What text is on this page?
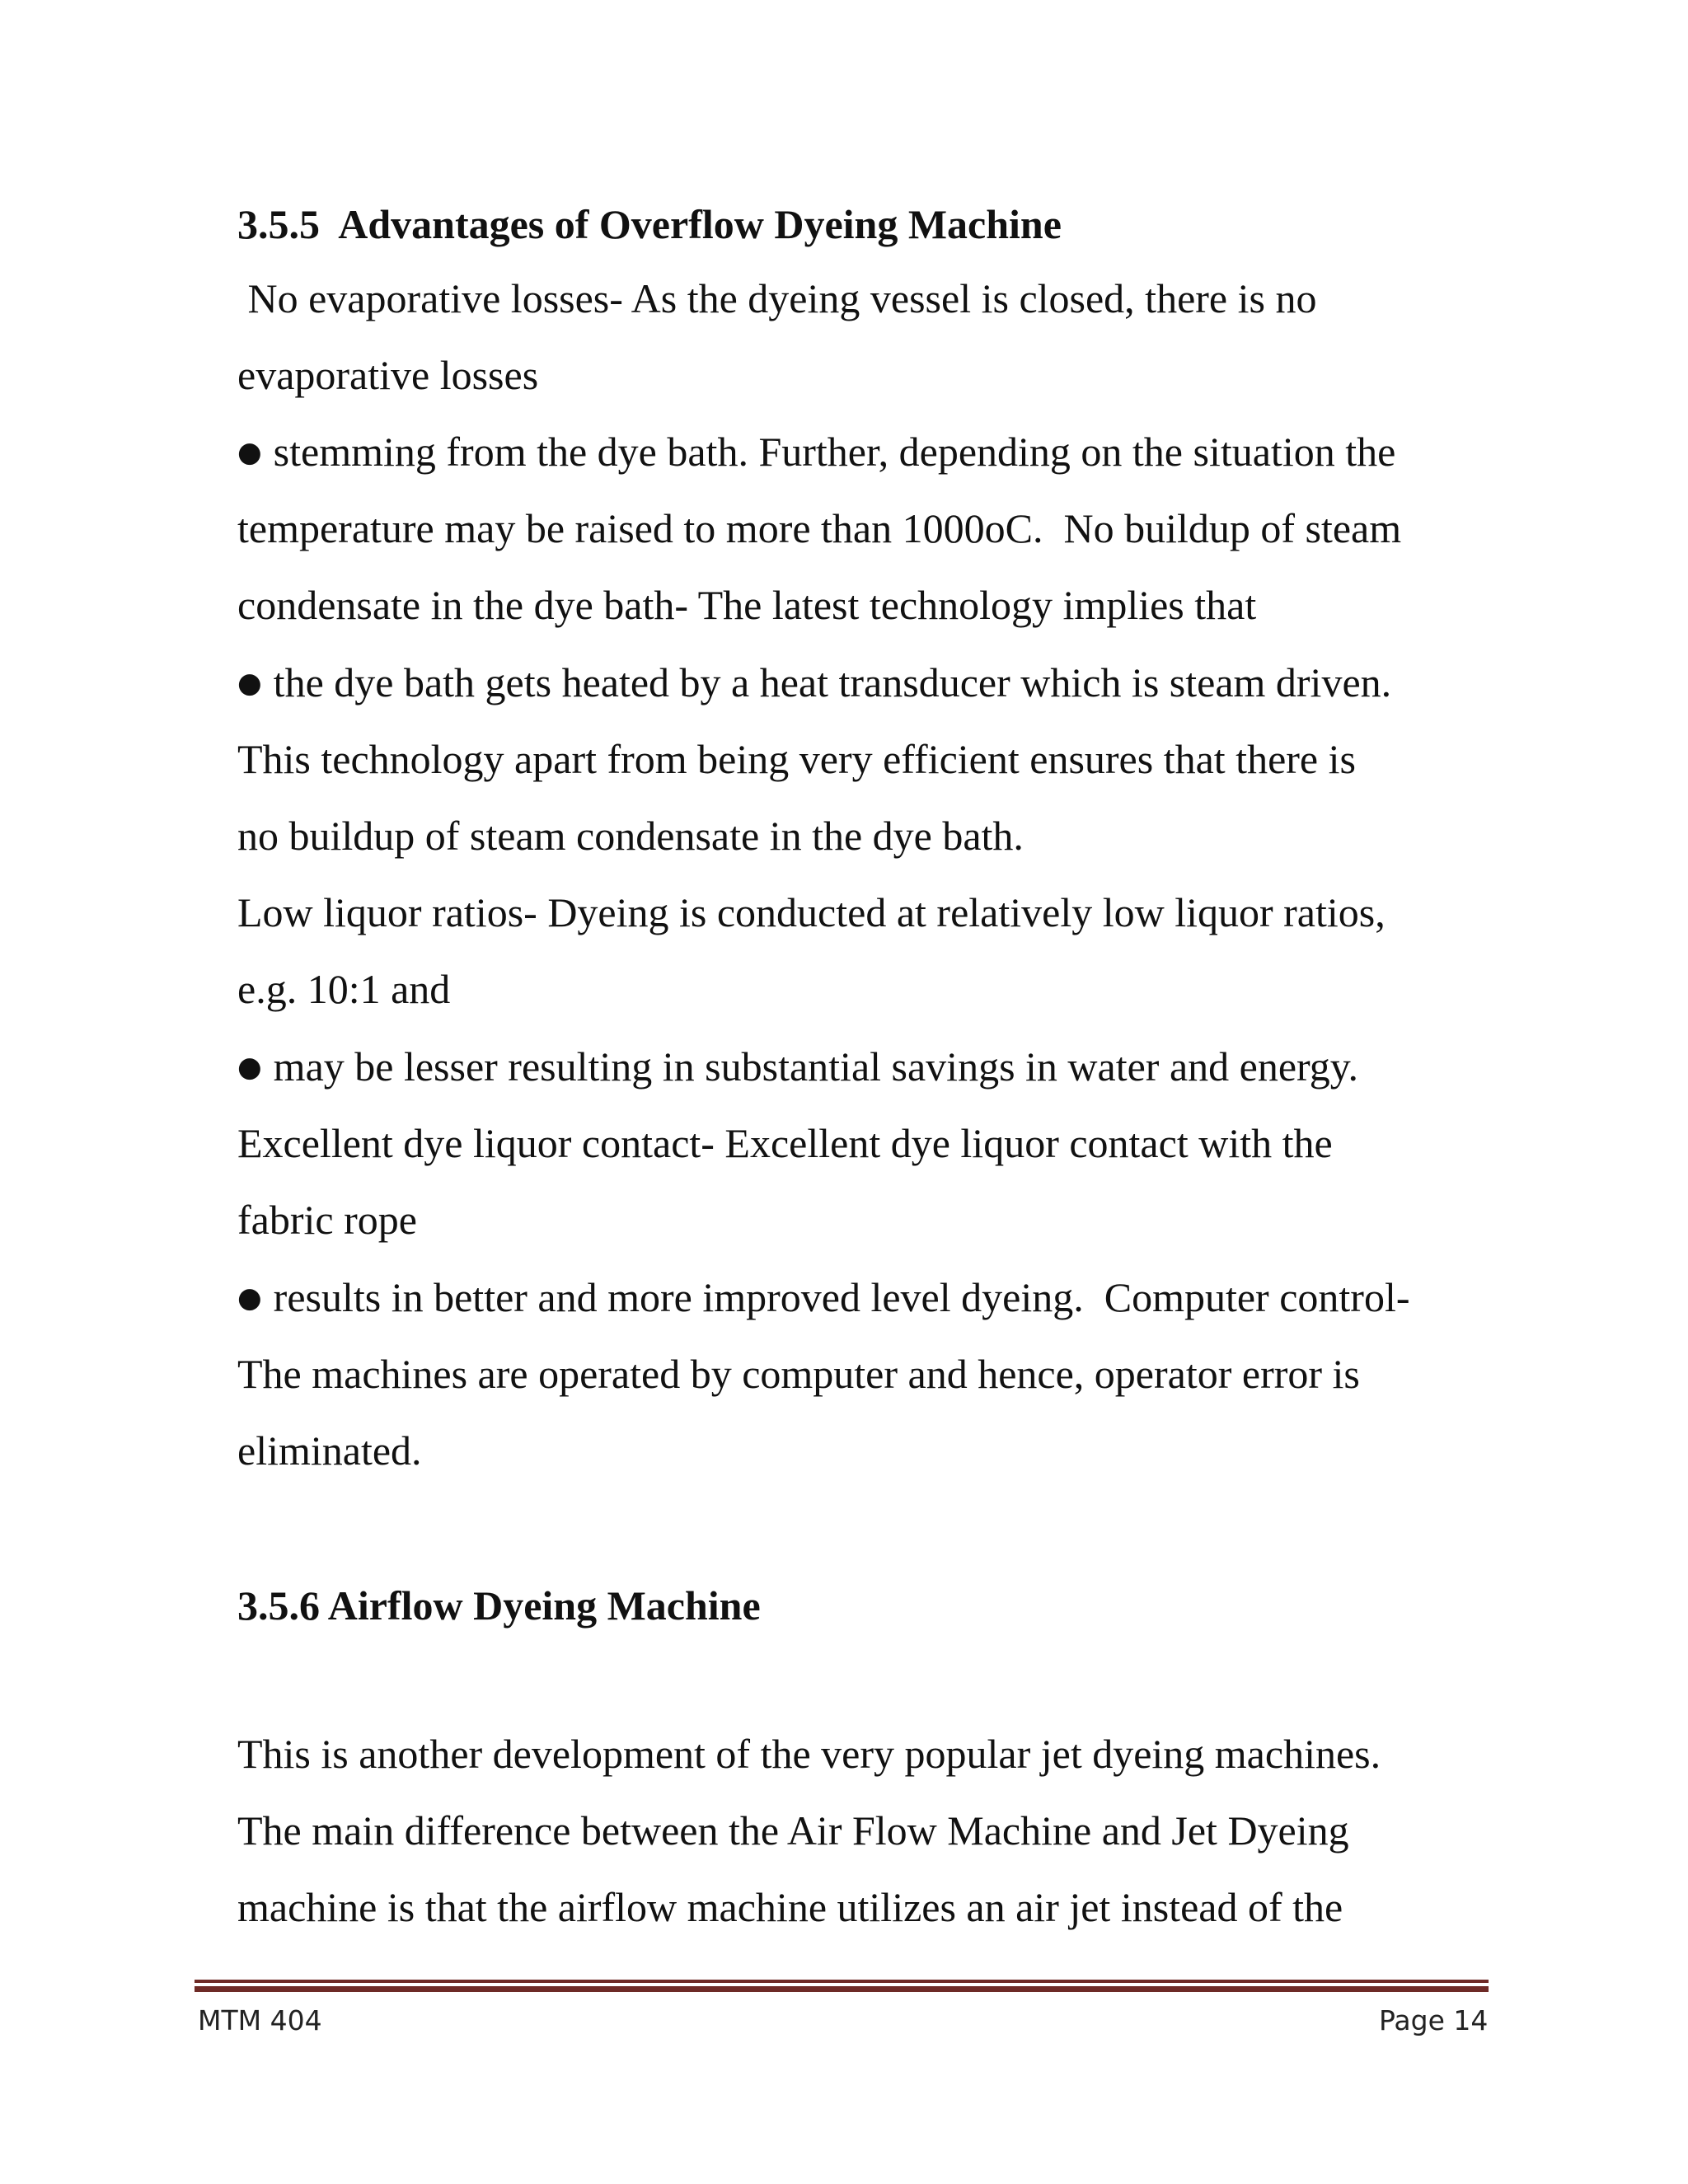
3.5.5  Advantages of Overflow Dyeing Machine
No evaporative losses- As the dyeing vessel is closed, there is no
evaporative losses
● stemming from the dye bath. Further, depending on the situation the
temperature may be raised to more than 1000oC.  No buildup of steam
condensate in the dye bath- The latest technology implies that
● the dye bath gets heated by a heat transducer which is steam driven.
This technology apart from being very efficient ensures that there is
no buildup of steam condensate in the dye bath.
Low liquor ratios- Dyeing is conducted at relatively low liquor ratios,
e.g. 10:1 and
● may be lesser resulting in substantial savings in water and energy.
Excellent dye liquor contact- Excellent dye liquor contact with the
fabric rope
● results in better and more improved level dyeing.  Computer control-
The machines are operated by computer and hence, operator error is
eliminated.
3.5.6 Airflow Dyeing Machine
This is another development of the very popular jet dyeing machines.
The main difference between the Air Flow Machine and Jet Dyeing
machine is that the airflow machine utilizes an air jet instead of the
MTM 404	Page 14
